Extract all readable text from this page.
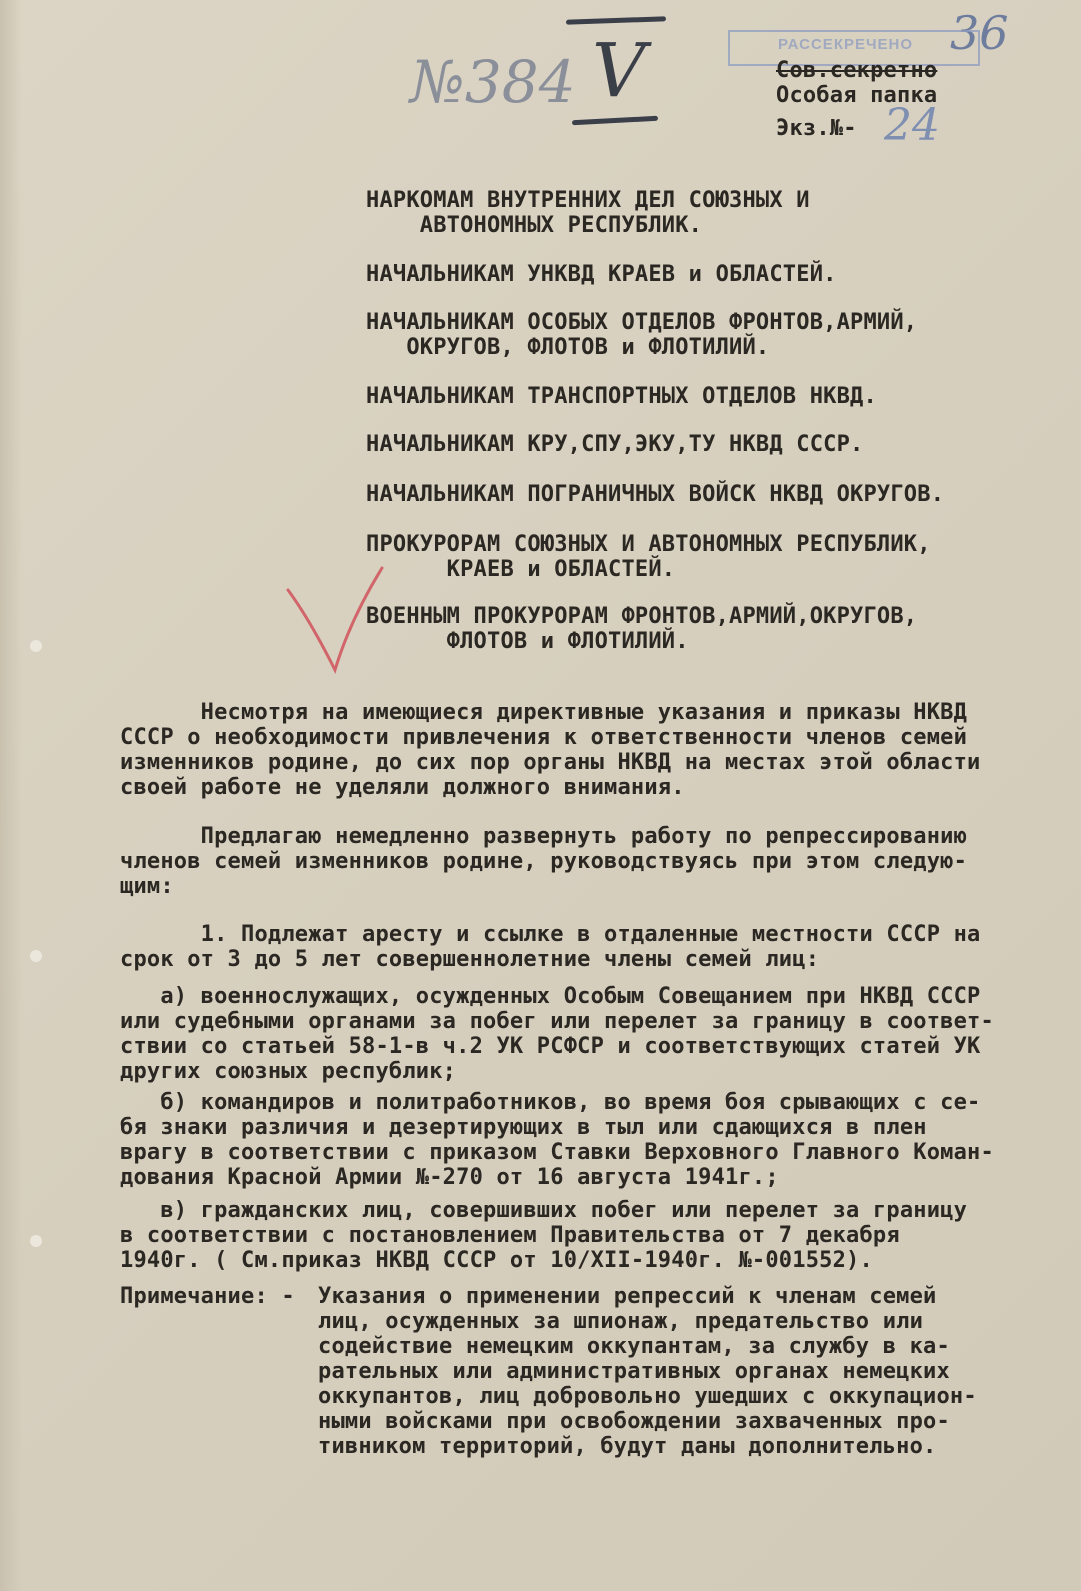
№384 V	36
24
РАССЕКРЕЧЕНО

Сов.секретно

Особая папка

Экз.№-

НАРКОМАМ ВНУТРЕННИХ ДЕЛ СОЮЗНЫХ И

АВТОНОМНЫХ РЕСПУБЛИК.

НАЧАЛЬНИКАМ УНКВД КРАЕВ и ОБЛАСТЕЙ.

НАЧАЛЬНИКАМ ОСОБЫХ ОТДЕЛОВ ФРОНТОВ,АРМИЙ,

ОКРУГОВ, ФЛОТОВ и ФЛОТИЛИЙ.

НАЧАЛЬНИКАМ ТРАНСПОРТНЫХ ОТДЕЛОВ НКВД.

НАЧАЛЬНИКАМ КРУ,СПУ,ЭКУ,ТУ НКВД СССР.

НАЧАЛЬНИКАМ ПОГРАНИЧНЫХ ВОЙСК НКВД ОКРУГОВ.

ПРОКУРОРАМ СОЮЗНЫХ И АВТОНОМНЫХ РЕСПУБЛИК,

КРАЕВ и ОБЛАСТЕЙ.

ВОЕННЫМ ПРОКУРОРАМ ФРОНТОВ,АРМИЙ,ОКРУГОВ,

ФЛОТОВ и ФЛОТИЛИЙ.

Несмотря на имеющиеся директивные указания и приказы НКВД

СССР о необходимости привлечения к ответственности членов семей

изменников родине, до сих пор органы НКВД на местах этой области

своей работе не уделяли должного внимания.

Предлагаю немедленно развернуть работу по репрессированию

членов семей изменников родине, руководствуясь при этом следую-

щим:

1. Подлежат аресту и ссылке в отдаленные местности СССР на

срок от 3 до 5 лет совершеннолетние члены семей лиц:

а) военнослужащих, осужденных Особым Совещанием при НКВД СССР

или судебными органами за побег или перелет за границу в соответ-

ствии со статьей 58-1-в ч.2 УК РСФСР и соответствующих статей УК

других союзных республик;

б) командиров и политработников, во время боя срывающих с се-

бя знаки различия и дезертирующих в тыл или сдающихся в плен

врагу в соответствии с приказом Ставки Верховного Главного Коман-

дования Красной Армии №-270 от 16 августа 1941г.;

в) гражданских лиц, совершивших побег или перелет за границу

в соответствии с постановлением Правительства от 7 декабря

1940г. ( См.приказ НКВД СССР от 10/XII-1940г. №-001552).

Примечание: - Указания о применении репрессий к членам семей

лиц, осужденных за шпионаж, предательство или

содействие немецким оккупантам, за службу в ка-

рательных или административных органах немецких

оккупантов, лиц добровольно ушедших с оккупацион-

ными войсками при освобождении захваченных про-

тивником территорий, будут даны дополнительно.
